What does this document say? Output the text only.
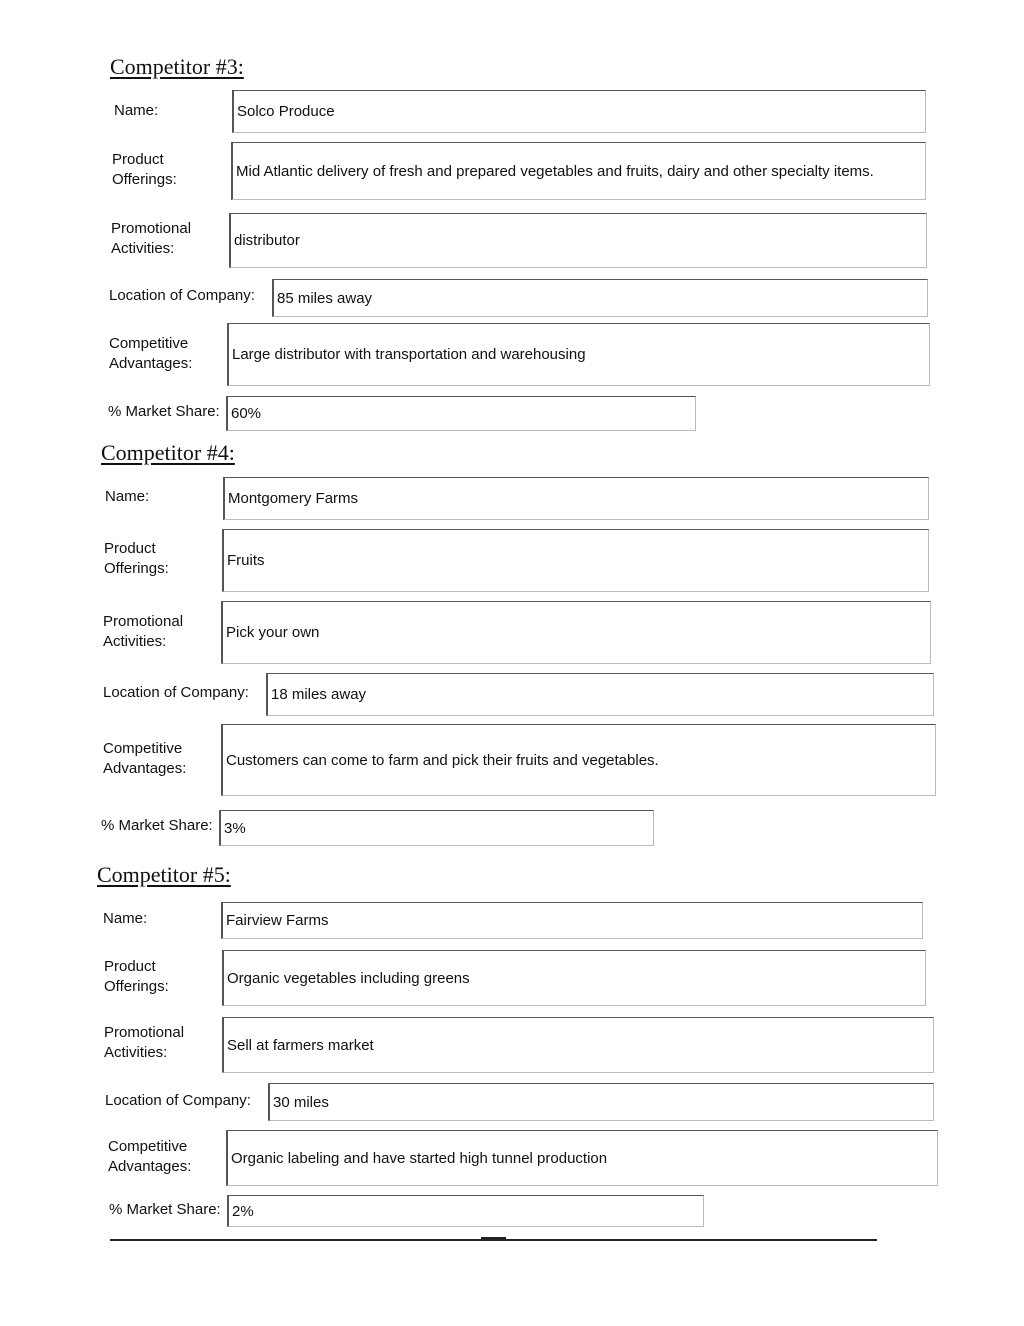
Competitor #3:
Name:	Solco Produce
Product
Offerings:	Mid Atlantic delivery of fresh and prepared vegetables and fruits, dairy and other specialty items.
Promotional
Activities:	distributor
Location of Company:	85 miles away
Competitive
Advantages:
Large distributor with transportation and warehousing
% Market Share: 60%
Competitor #4:
Name:	Montgomery Farms
Product
Offerings:	Fruits
Promotional
Activities:
Pick your own
Location of Company:	18 miles away
Competitive
Advantages:	Customers can come to farm and pick their fruits and vegetables.
% Market Share: 3%
Competitor #5:
Name:	Fairview Farms
Product
Offerings:	Organic vegetables including greens
Promotional
Activities:	Sell at farmers market
Location of Company:	30 miles
Competitive
Advantages:	Organic labeling and have started high tunnel production
% Market Share: 2%
